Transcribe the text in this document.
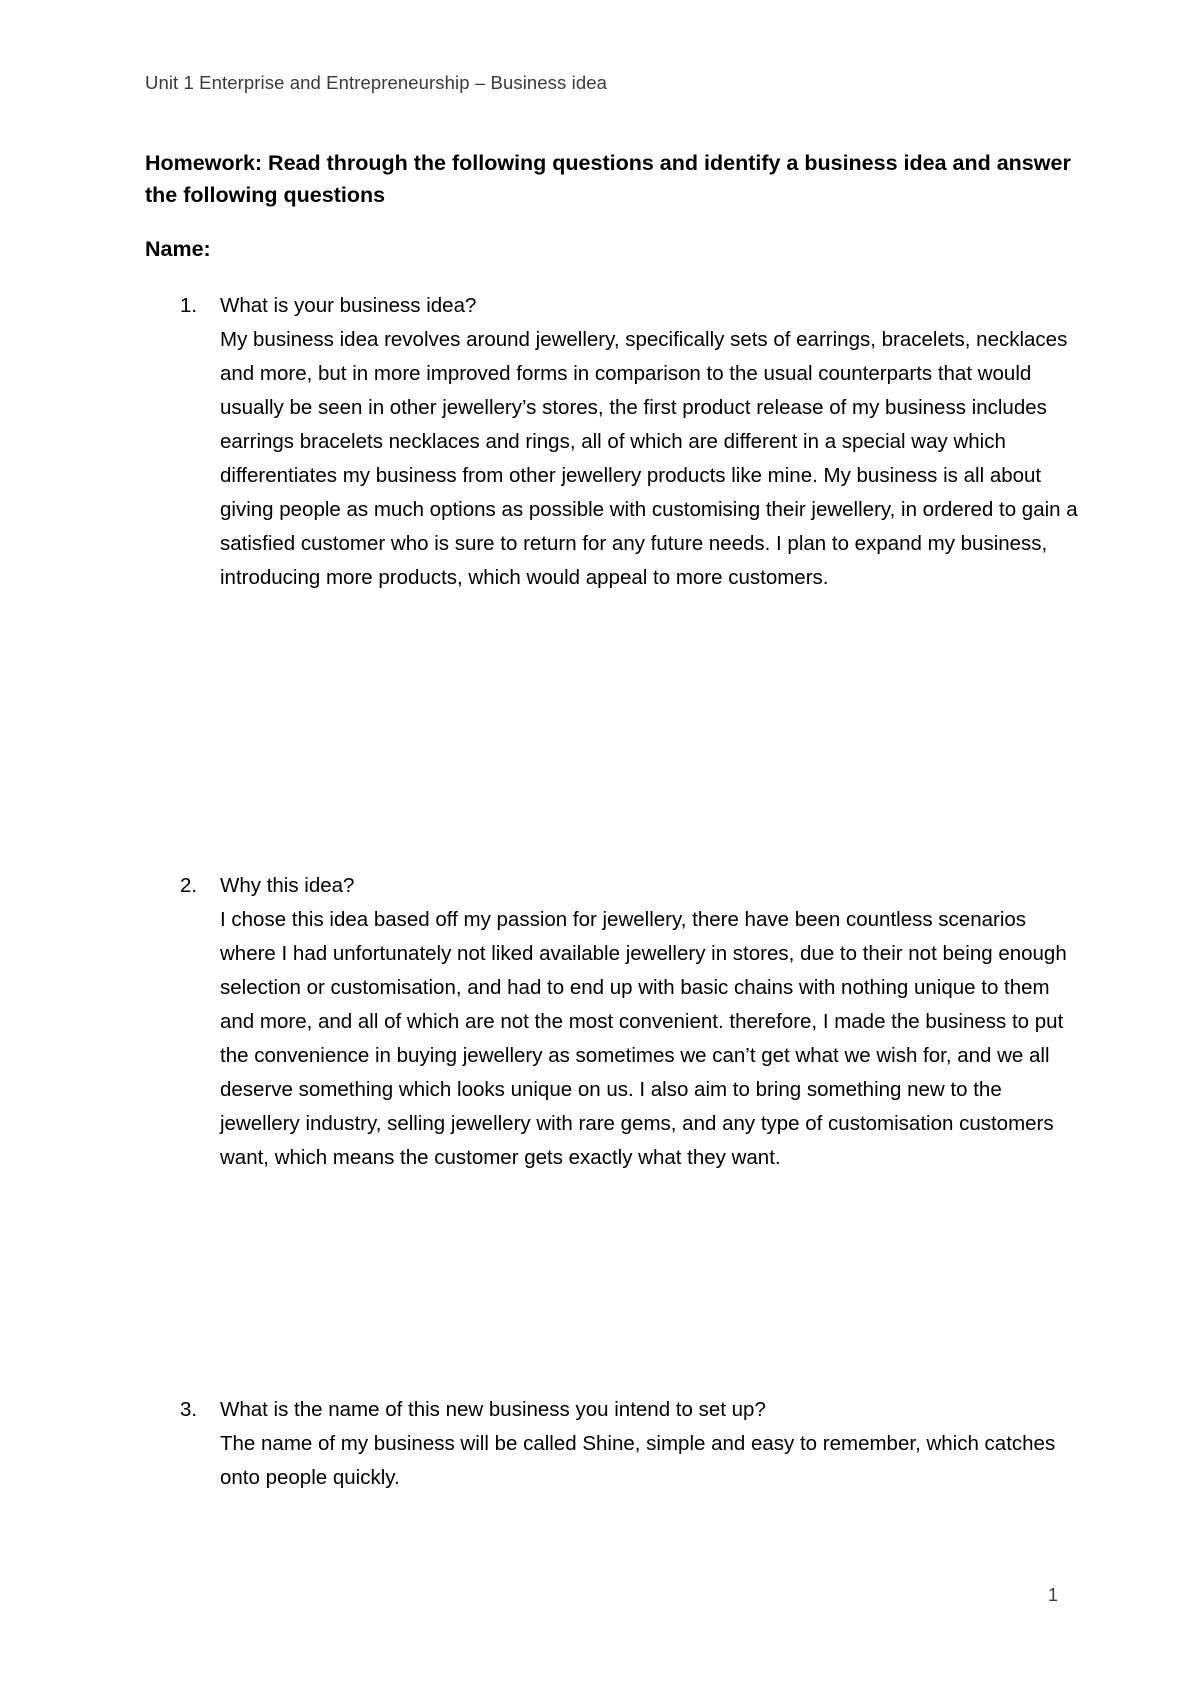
Unit 1 Enterprise and Entrepreneurship – Business idea
Homework: Read through the following questions and identify a business idea and answer the following questions
Name:
1. What is your business idea?
My business idea revolves around jewellery, specifically sets of earrings, bracelets, necklaces and more, but in more improved forms in comparison to the usual counterparts that would usually be seen in other jewellery’s stores, the first product release of my business includes earrings bracelets necklaces and rings, all of which are different in a special way which differentiates my business from other jewellery products like mine. My business is all about giving people as much options as possible with customising their jewellery, in ordered to gain a satisfied customer who is sure to return for any future needs. I plan to expand my business, introducing more products, which would appeal to more customers.
2. Why this idea?
I chose this idea based off my passion for jewellery, there have been countless scenarios where I had unfortunately not liked available jewellery in stores, due to their not being enough selection or customisation, and had to end up with basic chains with nothing unique to them and more, and all of which are not the most convenient. therefore, I made the business to put the convenience in buying jewellery as sometimes we can’t get what we wish for, and we all deserve something which looks unique on us. I also aim to bring something new to the jewellery industry, selling jewellery with rare gems, and any type of customisation customers want, which means the customer gets exactly what they want.
3. What is the name of this new business you intend to set up?
The name of my business will be called Shine, simple and easy to remember, which catches onto people quickly.
1
